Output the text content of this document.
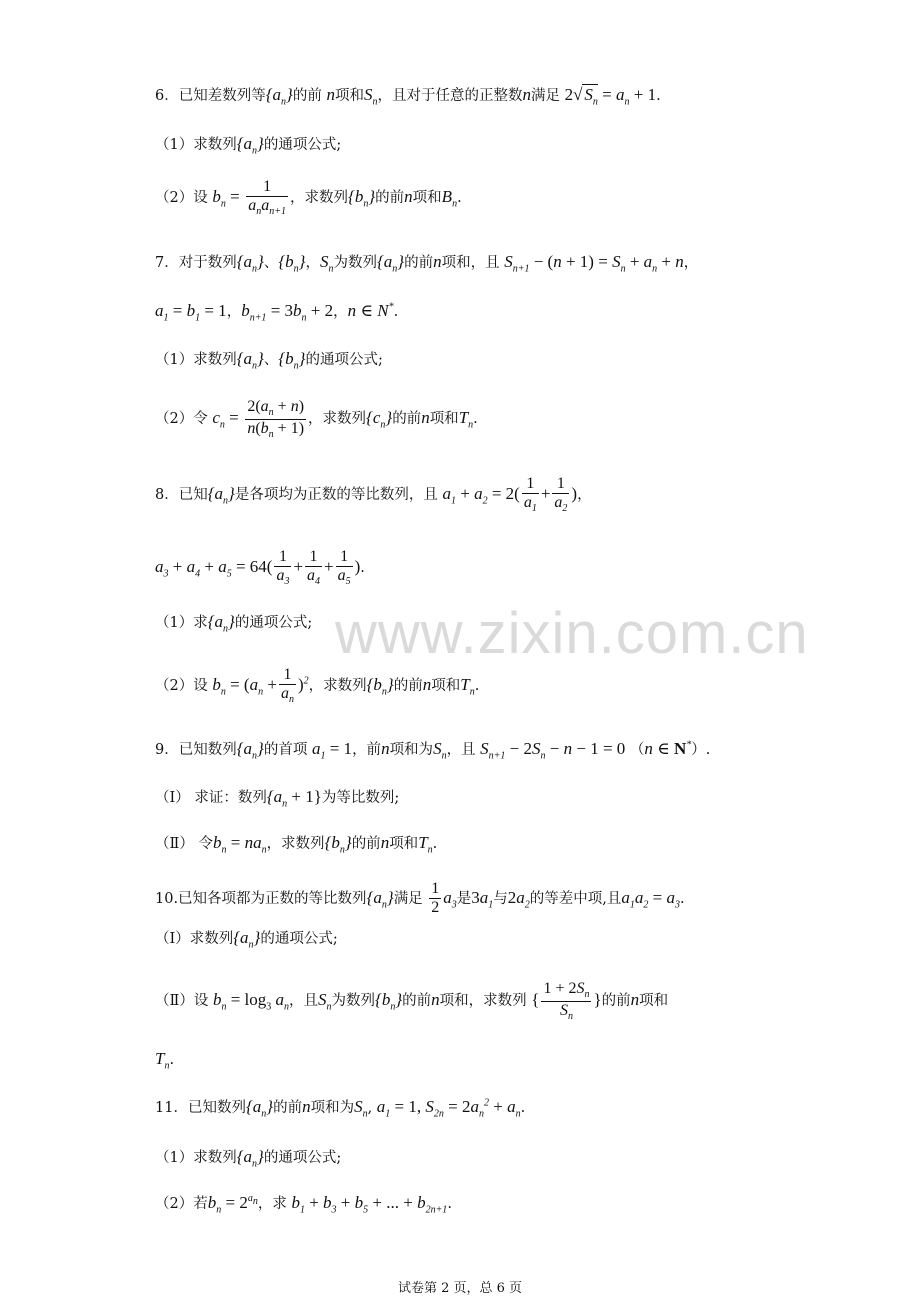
www.zixin.com.cn
6．已知差数列等$\{a_n\}$的前 n项和$S_n$，且对于任意的正整数n满足 2√ $S_n = a_n + 1$.
（1）求数列$\{a_n\}$的通项公式;
（2）设 $b_n = \frac{1}{a_na_{n+1}}$ ，求数列$\{b_n\}$的前n项和$B_n$.
7．对于数列$\{a_n\}$、$\{b_n\}$，$S_n$为数列$\{a_n\}$的前n项和，且 $S_{n+1} - (n + 1) = S_n + a_n + n$，
$a_1 = b_1 = 1$，$b_{n+1} = 3b_n + 2$，n ∈ N*.
（1）求数列$\{a_n\}$、$\{b_n\}$的通项公式;
（2）令 $c_n = \frac{2(a_n + n)}{n(b_n + 1)}$ ，求数列$\{c_n\}$的前n项和$T_n$.
8．已知$\{a_n\}$是各项均为正数的等比数列，且 $a_1 + a_2 = 2( \frac{1}{a_1} + \frac{1}{a_2}$ )，
$a_3 + a_4 + a_5 = 64( \frac{1}{a_3} + \frac{1}{a_4} + \frac{1}{a_5}$ ).
（1）求$\{a_n\}$的通项公式;
（2）设 $b_n = (a_n + \frac{1}{a_n} )^2$，求数列$\{b_n\}$的前n项和$T_n$.
9．已知数列$\{a_n\}$的首项 $a_1 = 1$，前n项和为$S_n$，且 $S_{n+1} - 2S_n - n - 1 = 0$ （n ∈ N*）.
（Ⅰ） 求证：数列$\{a_n + 1\}$为等比数列;
（Ⅱ） 令$b_n = na_n$，求数列$\{b_n\}$的前n项和$T_n$.
10.已知各项都为正数的等比数列$\{a_n\}$满足 $\frac{1}{2} a_3$是$3a_1$与$2a_2$的等差中项,且$a_1a_2 = a_3$.
（Ⅰ）求数列$\{a_n\}$的通项公式;
（Ⅱ）设 $b_n = \log_3 a_n$，且$S_n$为数列$\{b_n\}$的前n项和，求数列 { $\frac{1 + 2S_n}{S_n}$ }的前n项和
$T_n$.
11．已知数列$\{a_n\}$的前n项和为$S_n$, $a_1 = 1$, $S_{2n} = 2a_n^2 + a_n$.
（1）求数列$\{a_n\}$的通项公式;
（2）若$b_n = 2^{a_n}$，求 $b_1 + b_3 + b_5$ + ... + $b_{2n+1}$.
试卷第 2 页，总 6 页
